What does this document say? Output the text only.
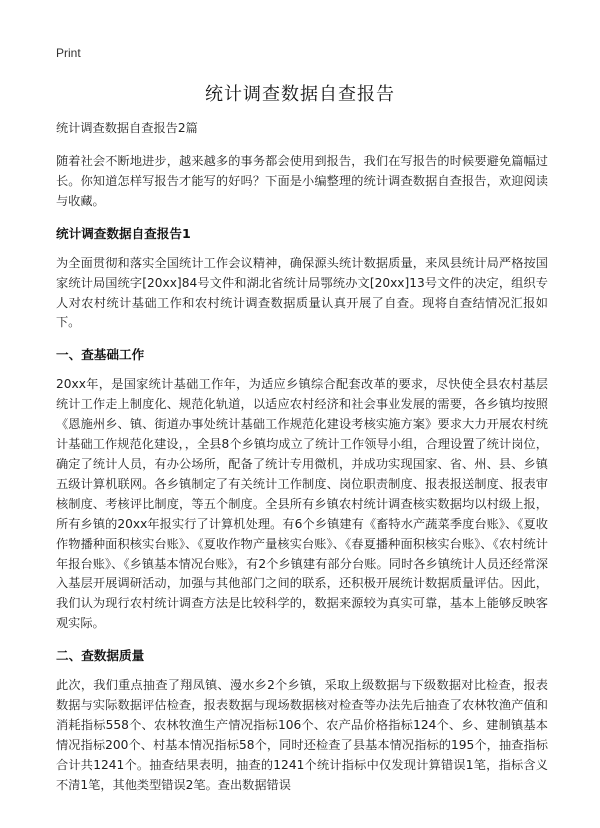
Print
统计调查数据自查报告
统计调查数据自查报告2篇

随着社会不断地进步，越来越多的事务都会使用到报告，我们在写报告的时候要避免篇幅过长。你知道怎样写报告才能写的好吗？下面是小编整理的统计调查数据自查报告，欢迎阅读与收藏。

统计调查数据自查报告1

为全面贯彻和落实全国统计工作会议精神，确保源头统计数据质量，来凤县统计局严格按国家统计局国统字[20xx]84号文件和湖北省统计局鄂统办文[20xx]13号文件的决定，组织专人对农村统计基础工作和农村统计调查数据质量认真开展了自查。现将自查结情况汇报如下。

一、查基础工作

20xx年，是国家统计基础工作年，为适应乡镇综合配套改革的要求，尽快使全县农村基层统计工作走上制度化、规范化轨道，以适应农村经济和社会事业发展的需要，各乡镇均按照《恩施州乡、镇、街道办事处统计基础工作规范化建设考核实施方案》要求大力开展农村统计基础工作规范化建设，，全县8个乡镇均成立了统计工作领导小组，合理设置了统计岗位，确定了统计人员，有办公场所，配备了统计专用微机，并成功实现国家、省、州、县、乡镇五级计算机联网。各乡镇制定了有关统计工作制度、岗位职责制度、报表报送制度、报表审核制度、考核评比制度，等五个制度。全县所有乡镇农村统计调查核实数据均以村级上报，所有乡镇的20xx年报实行了计算机处理。有6个乡镇建有《畜特水产蔬菜季度台账》、《夏收作物播种面积核实台账》、《夏收作物产量核实台账》、《春夏播种面积核实台账》、《农村统计年报台账》、《乡镇基本情况台账》，有2个乡镇建有部分台账。同时各乡镇统计人员还经常深入基层开展调研活动，加强与其他部门之间的联系，还积极开展统计数据质量评估。因此，我们认为现行农村统计调查方法是比较科学的，数据来源较为真实可靠，基本上能够反映客观实际。

二、查数据质量

此次，我们重点抽查了翔凤镇、漫水乡2个乡镇，采取上级数据与下级数据对比检查，报表数据与实际数据评估检查，报表数据与现场数据核对检查等办法先后抽查了农林牧渔产值和消耗指标558个、农林牧渔生产情况指标106个、农产品价格指标124个、乡、建制镇基本情况指标200个、村基本情况指标58个，同时还检查了县基本情况指标的195个，抽查指标合计共1241个。抽查结果表明，抽查的1241个统计指标中仅发现计算错误1笔，指标含义不清1笔，其他类型错误2笔。查出数据错误
